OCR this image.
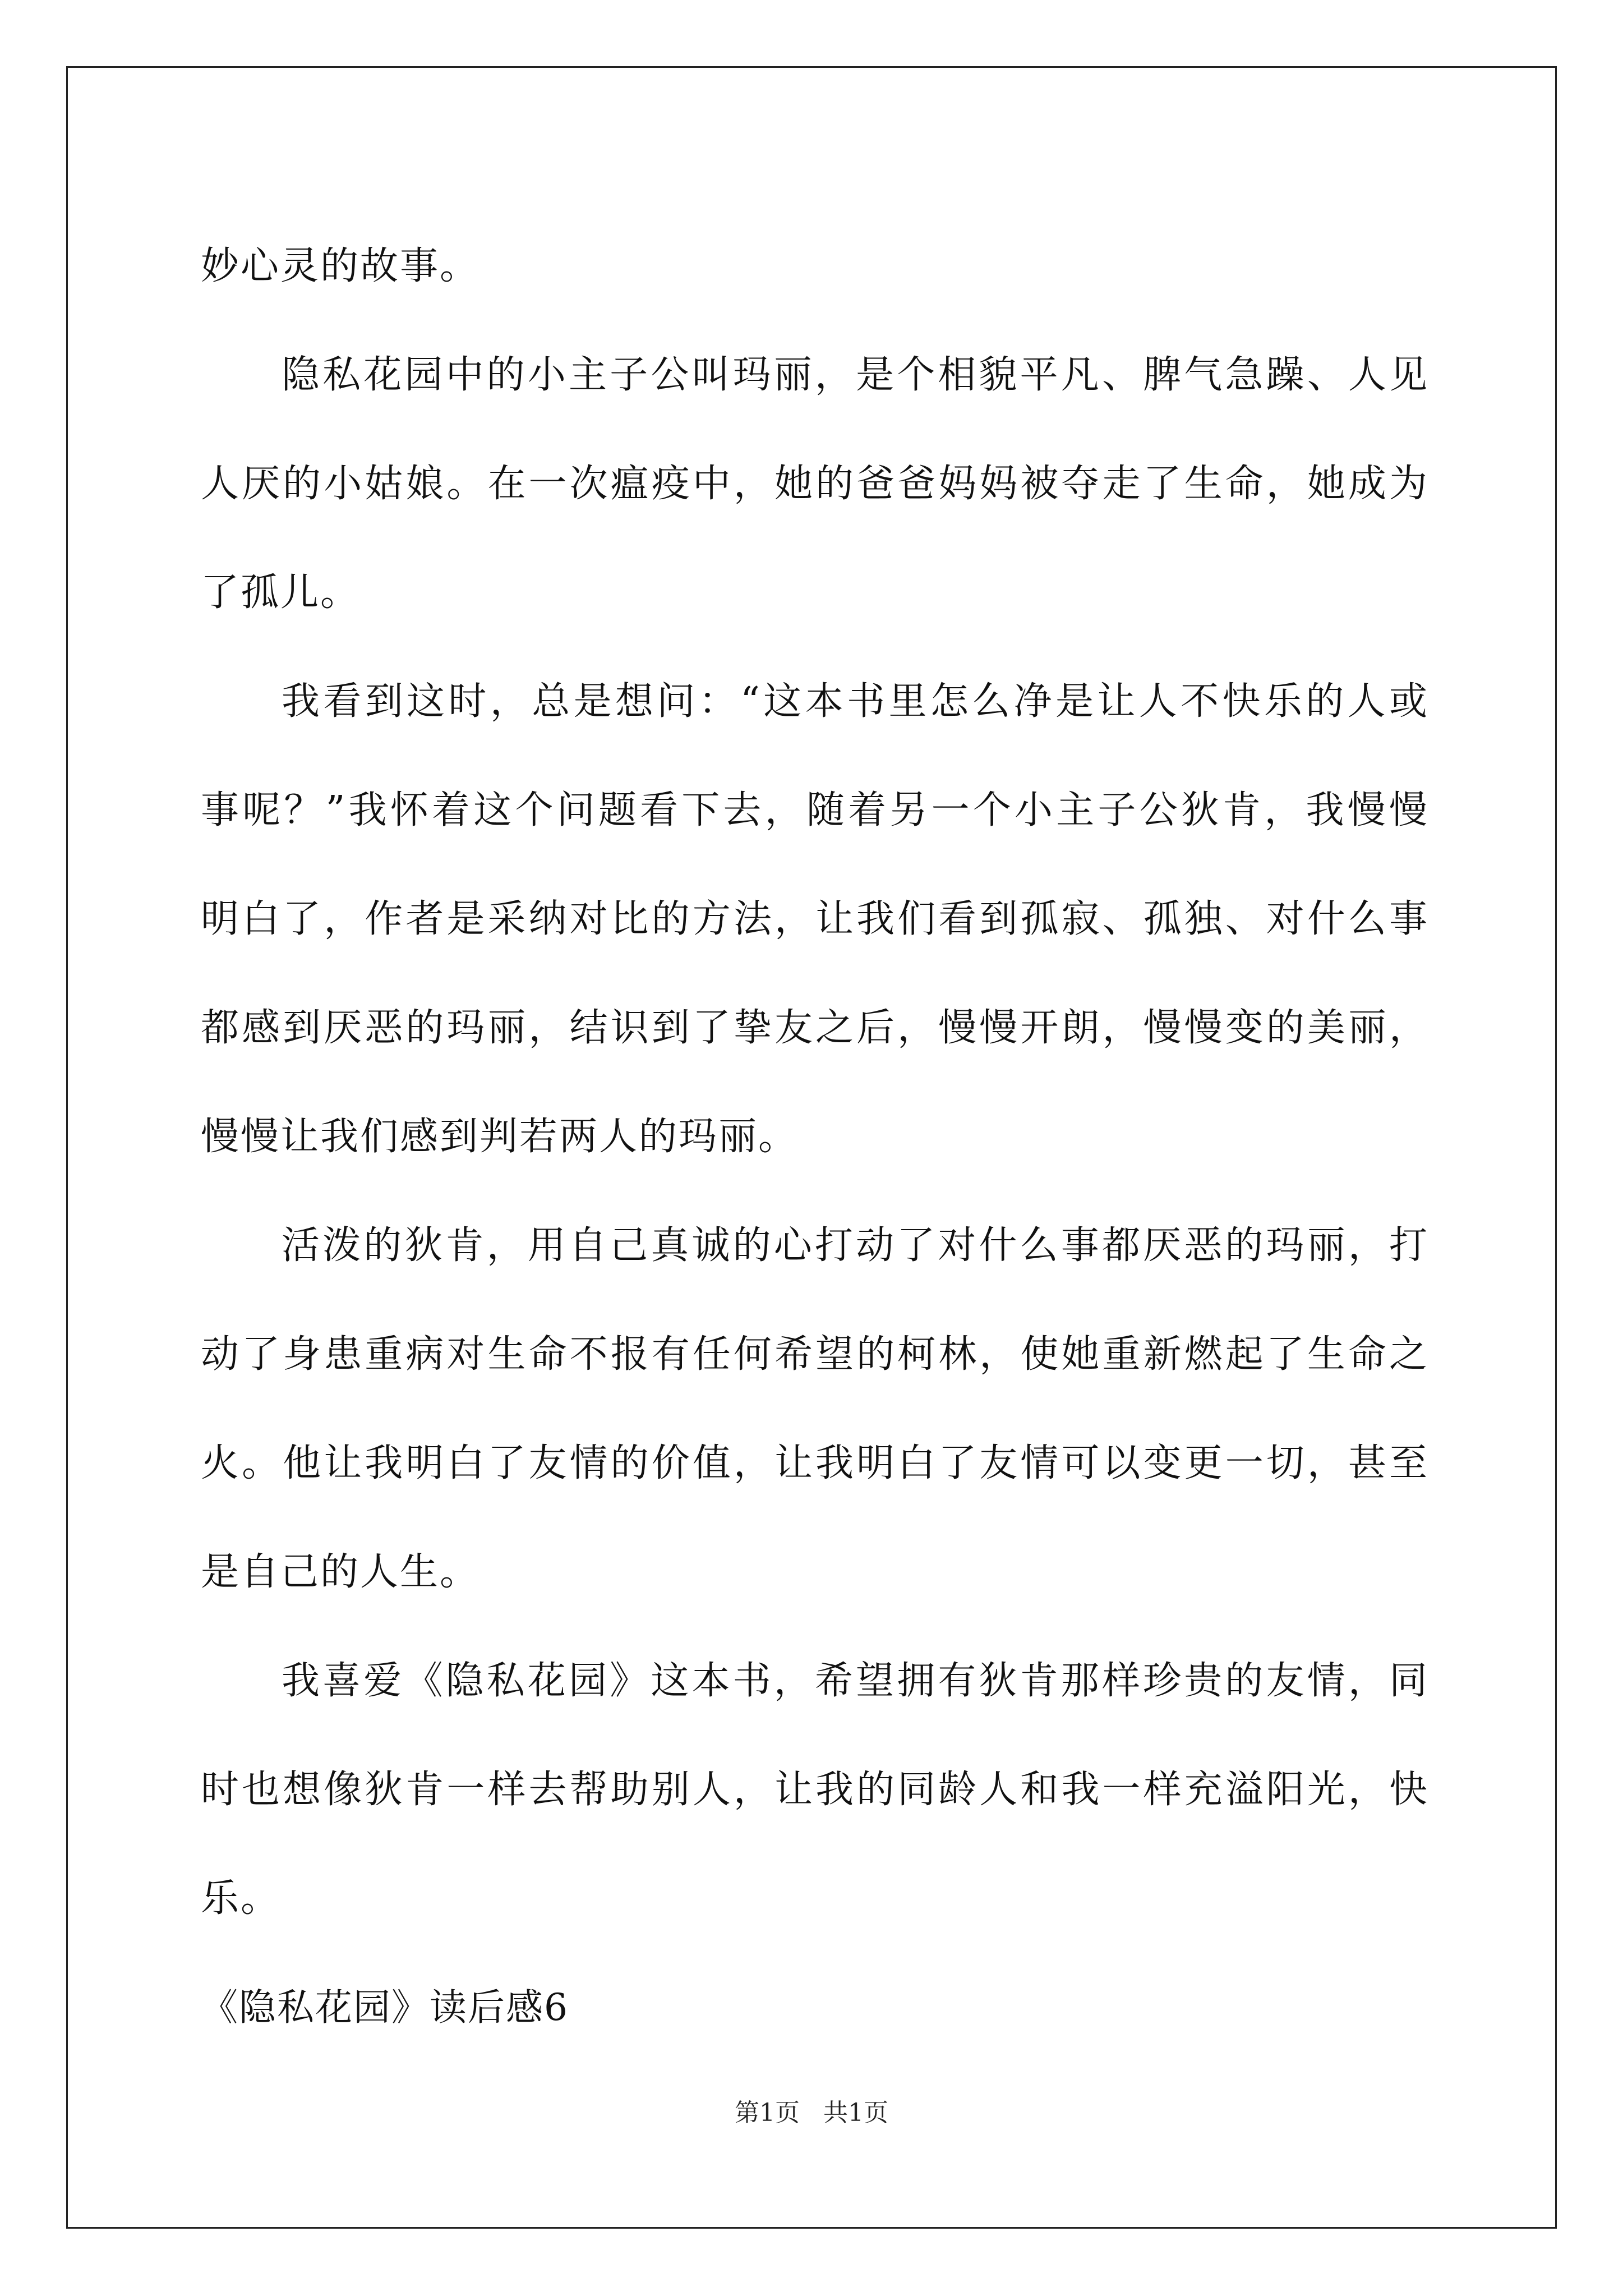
妙心灵的故事。
隐私花园中的小主子公叫玛丽，是个相貌平凡、脾气急躁、人见
人厌的小姑娘。在一次瘟疫中，她的爸爸妈妈被夺走了生命，她成为
了孤儿。
我看到这时，总是想问：“这本书里怎么净是让人不快乐的人或
事呢？”我怀着这个问题看下去，随着另一个小主子公狄肯，我慢慢
明白了，作者是采纳对比的方法，让我们看到孤寂、孤独、对什么事
都感到厌恶的玛丽，结识到了挚友之后，慢慢开朗，慢慢变的美丽，
慢慢让我们感到判若两人的玛丽。
活泼的狄肯，用自己真诚的心打动了对什么事都厌恶的玛丽，打
动了身患重病对生命不报有任何希望的柯林，使她重新燃起了生命之
火。他让我明白了友情的价值，让我明白了友情可以变更一切，甚至
是自己的人生。
我喜爱《隐私花园》这本书，希望拥有狄肯那样珍贵的友情，同
时也想像狄肯一样去帮助别人，让我的同龄人和我一样充溢阳光，快
乐。
《隐私花园》读后感6
第1页 共1页
